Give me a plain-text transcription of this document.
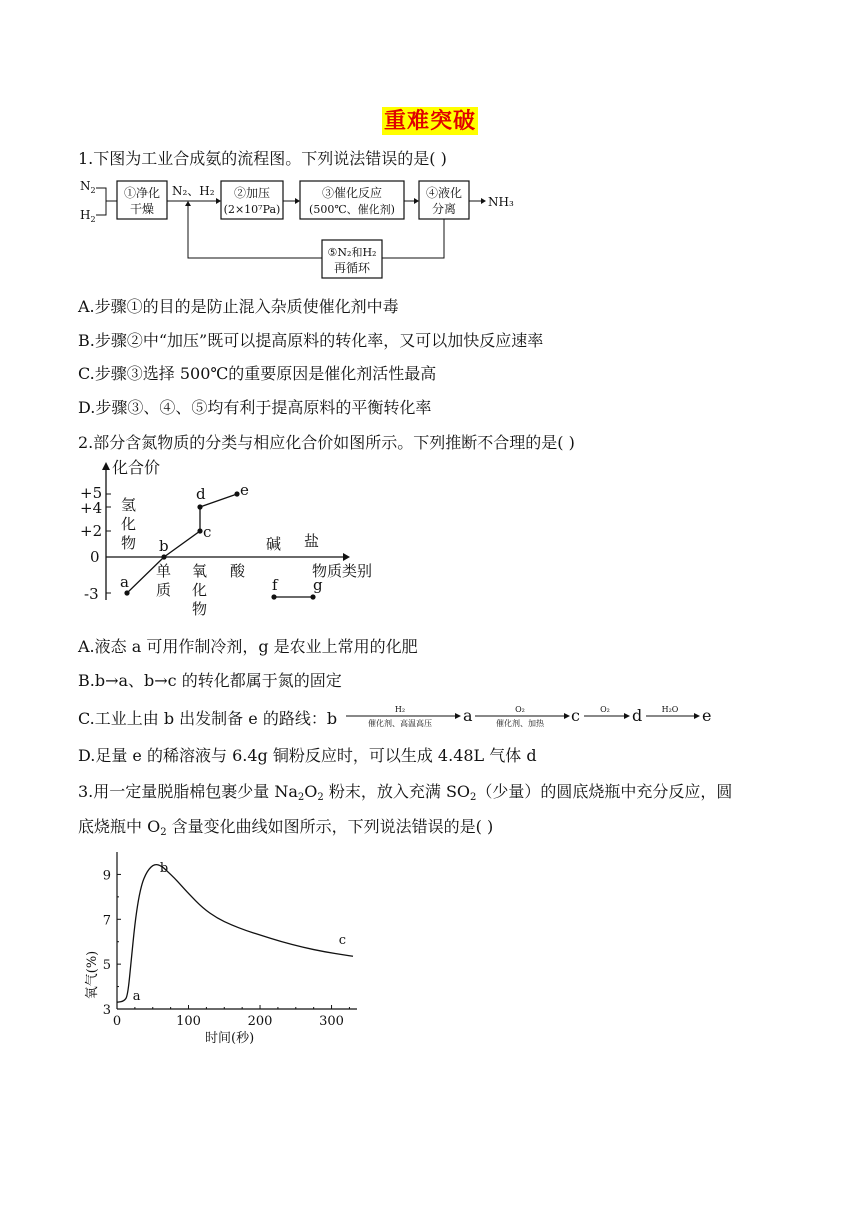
重难突破
1.下图为工业合成氨的流程图。下列说法错误的是( )
$N_2$
$H_2$
①净化
干燥
N₂、H₂ ②加压
(2×10⁷Pa)
③催化反应
(500℃、催化剂)
④液化
分离	NH₃
⑤N₂和H₂
再循环
A.步骤①的目的是防止混入杂质使催化剂中毒
B.步骤②中“加压”既可以提高原料的转化率，又可以加快反应速率
C.步骤③选择 500℃的重要原因是催化剂活性最高
D.步骤③、④、⑤均有利于提高原料的平衡转化率
2.部分含氮物质的分类与相应化合价如图所示。下列推断不合理的是( )
化合价
物质类别
+5
+4
+2
0
-3
氢
化
物
单
质
氧
化
物
酸
碱 盐
a
b
c
d e
f g
A.液态 a 可用作制冷剂，g 是农业上常用的化肥
B.b→a、b→c 的转化都属于氮的固定
C.工业上由 b 出发制备 e 的路线：b	H₂
催化剂、高温高压 a	O₂
催化剂、加热 c	O₂ d H₂O e
D.足量 e 的稀溶液与 6.4g 铜粉反应时，可以生成 4.48L 气体 d
3.用一定量脱脂棉包裹少量 $Na_2O_2$ 粉末，放入充满 $SO_2$（少量）的圆底烧瓶中充分反应，圆
底烧瓶中 $O_2$ 含量变化曲线如图所示，下列说法错误的是( )
0	100	200	300
3
5
7
9
a
b
c
时间(秒)
氧气(%)
